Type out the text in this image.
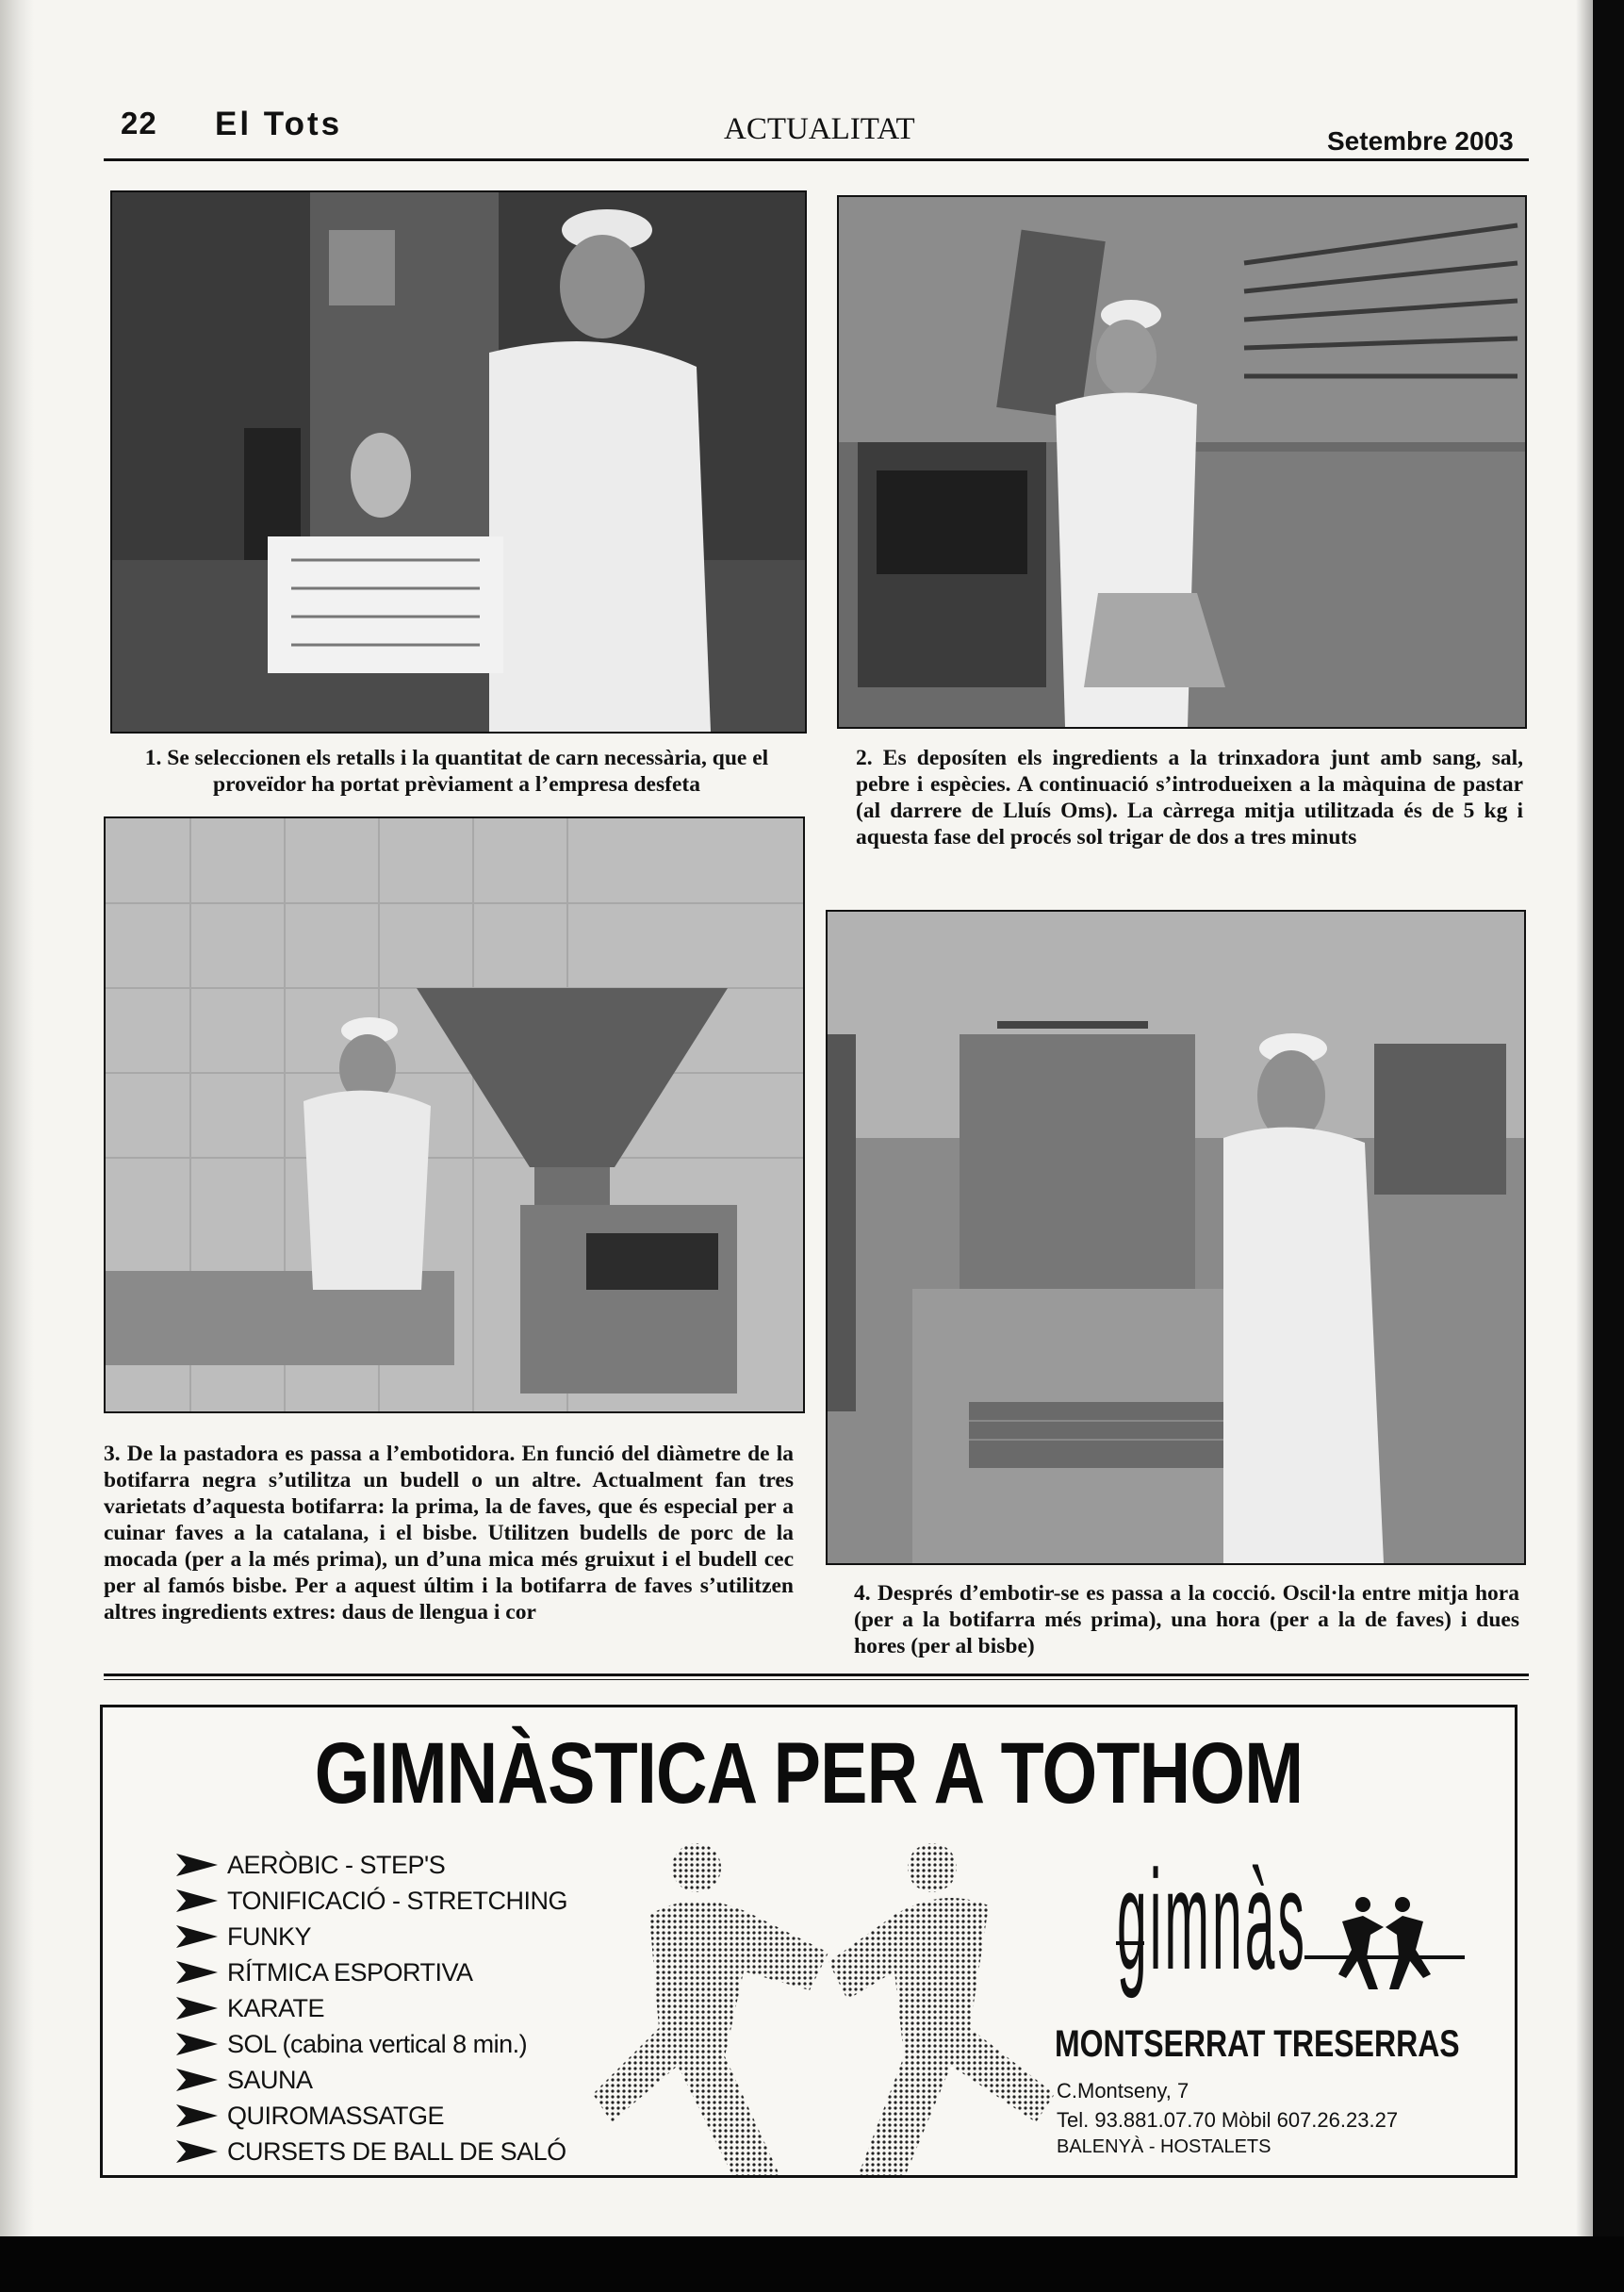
22 El Tots	ACTUALITAT	Setembre 2003

1. Se seleccionen els retalls i la quantitat de carn necessària, que el proveïdor ha portat prèviament a l’empresa desfeta

2. Es deposíten els ingredients a la trinxadora junt amb sang, sal, pebre i espècies. A continuació s’introdueixen a la màquina de pastar (al darrere de Lluís Oms). La càrrega mitja utilitzada és de 5 kg i aquesta fase del procés sol trigar de dos a tres minuts

3. De la pastadora es passa a l’embotidora. En funció del diàmetre de la botifarra negra s’utilitza un budell o un altre. Actualment fan tres varietats d’aquesta botifarra: la prima, la de faves, que és especial per a cuinar faves a la catalana, i el bisbe. Utilitzen budells de porc de la mocada (per a la més prima), un d’una mica més gruixut i el budell cec per al famós bisbe. Per a aquest últim i la botifarra de faves s’utilitzen altres ingredients extres: daus de llengua i cor

4. Després d’embotir-se es passa a la cocció. Oscil·la entre mitja hora (per a la botifarra més prima), una hora (per a la de faves) i dues hores (per al bisbe)

GIMNÀSTICA PER A TOTHOM
AERÒBIC - STEP'S
TONIFICACIÓ - STRETCHING
FUNKY
RÍTMICA ESPORTIVA
KARATE
SOL (cabina vertical 8 min.)
SAUNA
QUIROMASSATGE
CURSETS DE BALL DE SALÓ
gimnàs
MONTSERRAT TRESERRAS
C.Montseny, 7
Tel. 93.881.07.70 Mòbil 607.26.23.27
BALENYÀ - HOSTALETS
